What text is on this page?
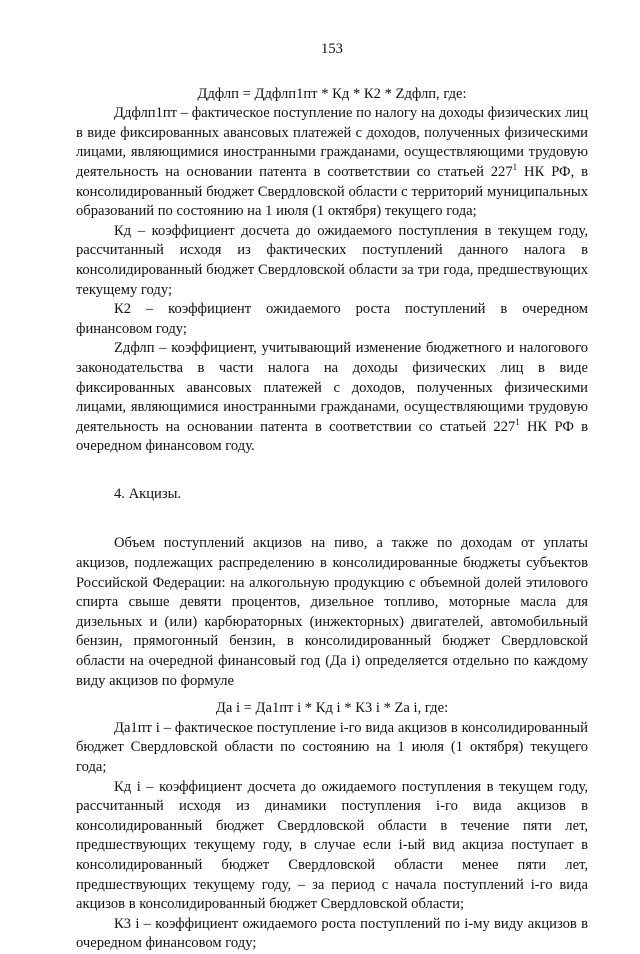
153
Ддфлп = Ддфлп1пт * Кд * К2 * Zдфлп, где:

Ддфлп1пт – фактическое поступление по налогу на доходы физических лиц в виде фиксированных авансовых платежей с доходов, полученных физическими лицами, являющимися иностранными гражданами, осуществляющими трудовую деятельность на основании патента в соответствии со статьей $227^1$ НК РФ, в консолидированный бюджет Свердловской области с территорий муниципальных образований по состоянию на 1 июля (1 октября) текущего года;

Кд – коэффициент досчета до ожидаемого поступления в текущем году, рассчитанный исходя из фактических поступлений данного налога в консолидированный бюджет Свердловской области за три года, предшествующих текущему году;

К2 – коэффициент ожидаемого роста поступлений в очередном финансовом году;

Zдфлп – коэффициент, учитывающий изменение бюджетного и налогового законодательства в части налога на доходы физических лиц в виде фиксированных авансовых платежей с доходов, полученных физическими лицами, являющимися иностранными гражданами, осуществляющими трудовую деятельность на основании патента в соответствии со статьей $227^1$ НК РФ в очередном финансовом году.

4. Акцизы.

Объем поступлений акцизов на пиво, а также по доходам от уплаты акцизов, подлежащих распределению в консолидированные бюджеты субъектов Российской Федерации: на алкогольную продукцию с объемной долей этилового спирта свыше девяти процентов, дизельное топливо, моторные масла для дизельных и (или) карбюраторных (инжекторных) двигателей, автомобильный бензин, прямогонный бензин, в консолидированный бюджет Свердловской области на очередной финансовый год (Да i) определяется отдельно по каждому виду акцизов по формуле

Да i = Да1пт i * Кд i * К3 i * Zа i, где:

Да1пт i – фактическое поступление i-го вида акцизов в консолидированный бюджет Свердловской области по состоянию на 1 июля (1 октября) текущего года;

Кд i – коэффициент досчета до ожидаемого поступления в текущем году, рассчитанный исходя из динамики поступления i-го вида акцизов в консолидированный бюджет Свердловской области в течение пяти лет, предшествующих текущему году, в случае если i-ый вид акциза поступает в консолидированный бюджет Свердловской области менее пяти лет, предшествующих текущему году, – за период с начала поступлений i-го вида акцизов в консолидированный бюджет Свердловской области;

К3 i – коэффициент ожидаемого роста поступлений по i-му виду акцизов в очередном финансовом году;
